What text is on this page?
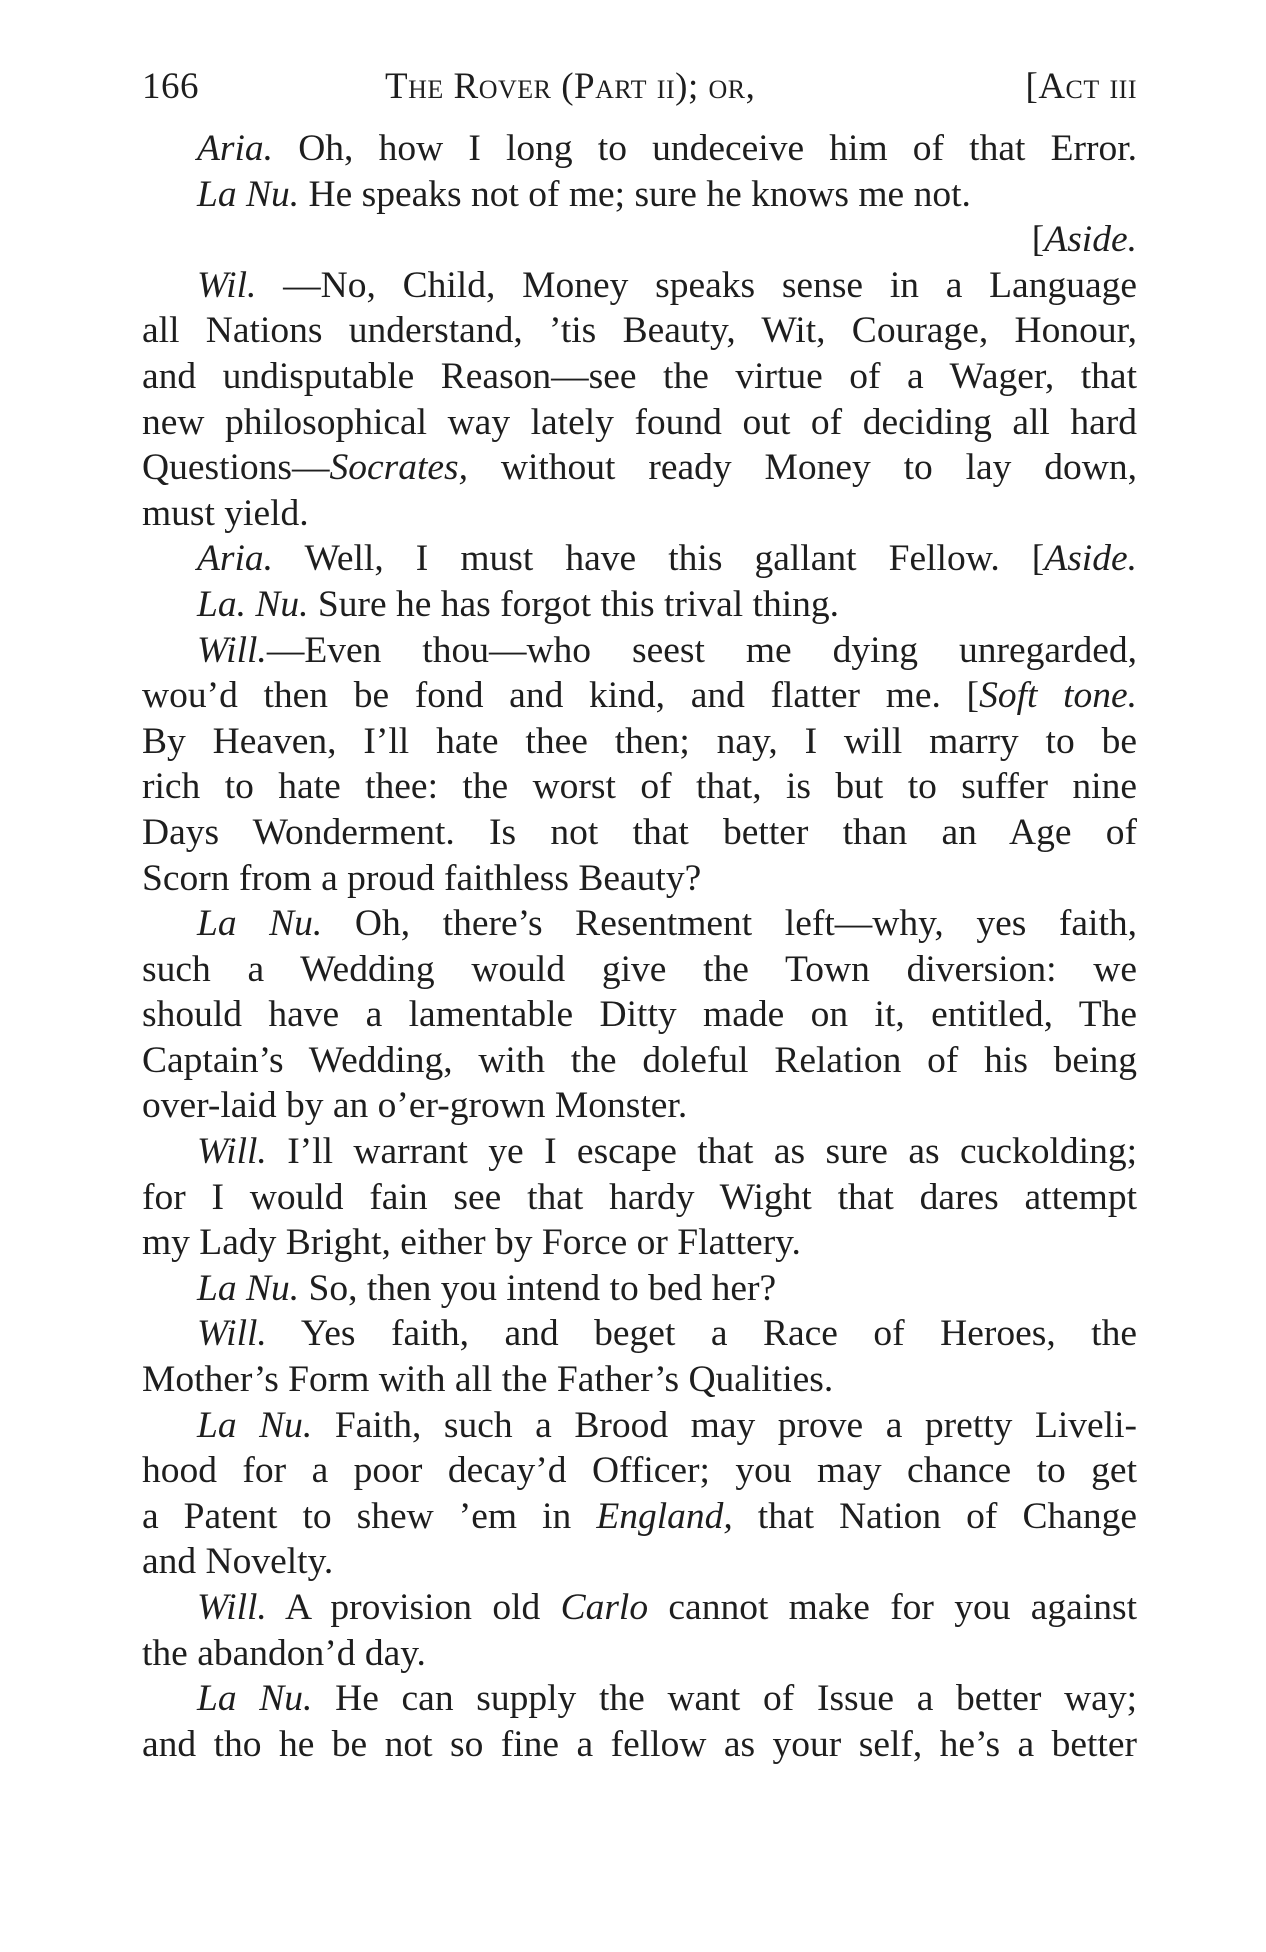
166	The Rover (Part ii); or,	[Act iii
Aria. Oh, how I long to undeceive him of that Error.
La Nu. He speaks not of me; sure he knows me not.
[Aside.
Wil. —No, Child, Money speaks sense in a Language
all Nations understand, ’tis Beauty, Wit, Courage, Honour,
and undisputable Reason—see the virtue of a Wager, that
new philosophical way lately found out of deciding all hard
Questions—Socrates, without ready Money to lay down,
must yield.
Aria. Well, I must have this gallant Fellow. [Aside.
La. Nu. Sure he has forgot this trival thing.
Will.—Even thou—who seest me dying unregarded,
wou’d then be fond and kind, and flatter me. [Soft tone.
By Heaven, I’ll hate thee then; nay, I will marry to be
rich to hate thee: the worst of that, is but to suffer nine
Days Wonderment. Is not that better than an Age of
Scorn from a proud faithless Beauty?
La Nu. Oh, there’s Resentment left—why, yes faith,
such a Wedding would give the Town diversion: we
should have a lamentable Ditty made on it, entitled, The
Captain’s Wedding, with the doleful Relation of his being
over-laid by an o’er-grown Monster.
Will. I’ll warrant ye I escape that as sure as cuckolding;
for I would fain see that hardy Wight that dares attempt
my Lady Bright, either by Force or Flattery.
La Nu. So, then you intend to bed her?
Will. Yes faith, and beget a Race of Heroes, the
Mother’s Form with all the Father’s Qualities.
La Nu. Faith, such a Brood may prove a pretty Liveli-
hood for a poor decay’d Officer; you may chance to get
a Patent to shew ’em in England, that Nation of Change
and Novelty.
Will. A provision old Carlo cannot make for you against
the abandon’d day.
La Nu. He can supply the want of Issue a better way;
and tho he be not so fine a fellow as your self, he’s a better
